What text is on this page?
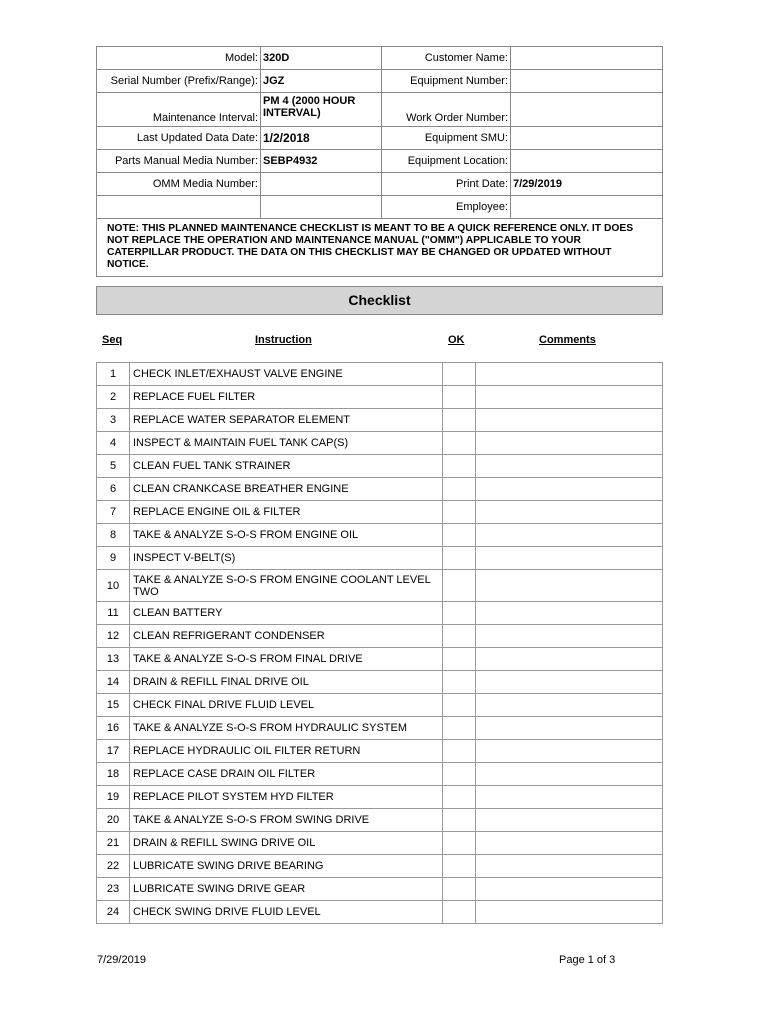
Model:	320D	Customer Name:	
Serial Number (Prefix/Range):	JGZ	Equipment Number:	
Maintenance Interval:	PM 4 (2000 HOUR INTERVAL)	Work Order Number:	
Last Updated Data Date:	1/2/2018	Equipment SMU:	
Parts Manual Media Number:	SEBP4932	Equipment Location:	
OMM Media Number:		Print Date:	7/29/2019
		Employee:	
NOTE: THIS PLANNED MAINTENANCE CHECKLIST IS MEANT TO BE A QUICK REFERENCE ONLY. IT DOES NOT REPLACE THE OPERATION AND MAINTENANCE MANUAL ("OMM") APPLICABLE TO YOUR CATERPILLAR PRODUCT. THE DATA ON THIS CHECKLIST MAY BE CHANGED OR UPDATED WITHOUT NOTICE.			
Checklist
Seq	Instruction	OK	Comments
1	CHECK INLET/EXHAUST VALVE ENGINE		
2	REPLACE FUEL FILTER		
3	REPLACE WATER SEPARATOR ELEMENT		
4	INSPECT & MAINTAIN FUEL TANK CAP(S)		
5	CLEAN FUEL TANK STRAINER		
6	CLEAN CRANKCASE BREATHER ENGINE		
7	REPLACE ENGINE OIL & FILTER		
8	TAKE & ANALYZE S-O-S FROM ENGINE OIL		
9	INSPECT V-BELT(S)		
10	TAKE & ANALYZE S-O-S FROM ENGINE COOLANT LEVEL TWO		
11	CLEAN BATTERY		
12	CLEAN REFRIGERANT CONDENSER		
13	TAKE & ANALYZE S-O-S FROM FINAL DRIVE		
14	DRAIN & REFILL FINAL DRIVE OIL		
15	CHECK FINAL DRIVE FLUID LEVEL		
16	TAKE & ANALYZE S-O-S FROM HYDRAULIC SYSTEM		
17	REPLACE HYDRAULIC OIL FILTER RETURN		
18	REPLACE CASE DRAIN OIL FILTER		
19	REPLACE PILOT SYSTEM HYD FILTER		
20	TAKE & ANALYZE S-O-S FROM SWING DRIVE		
21	DRAIN & REFILL SWING DRIVE OIL		
22	LUBRICATE SWING DRIVE BEARING		
23	LUBRICATE SWING DRIVE GEAR		
24	CHECK SWING DRIVE FLUID LEVEL		
7/29/2019	Page 1 of 3
